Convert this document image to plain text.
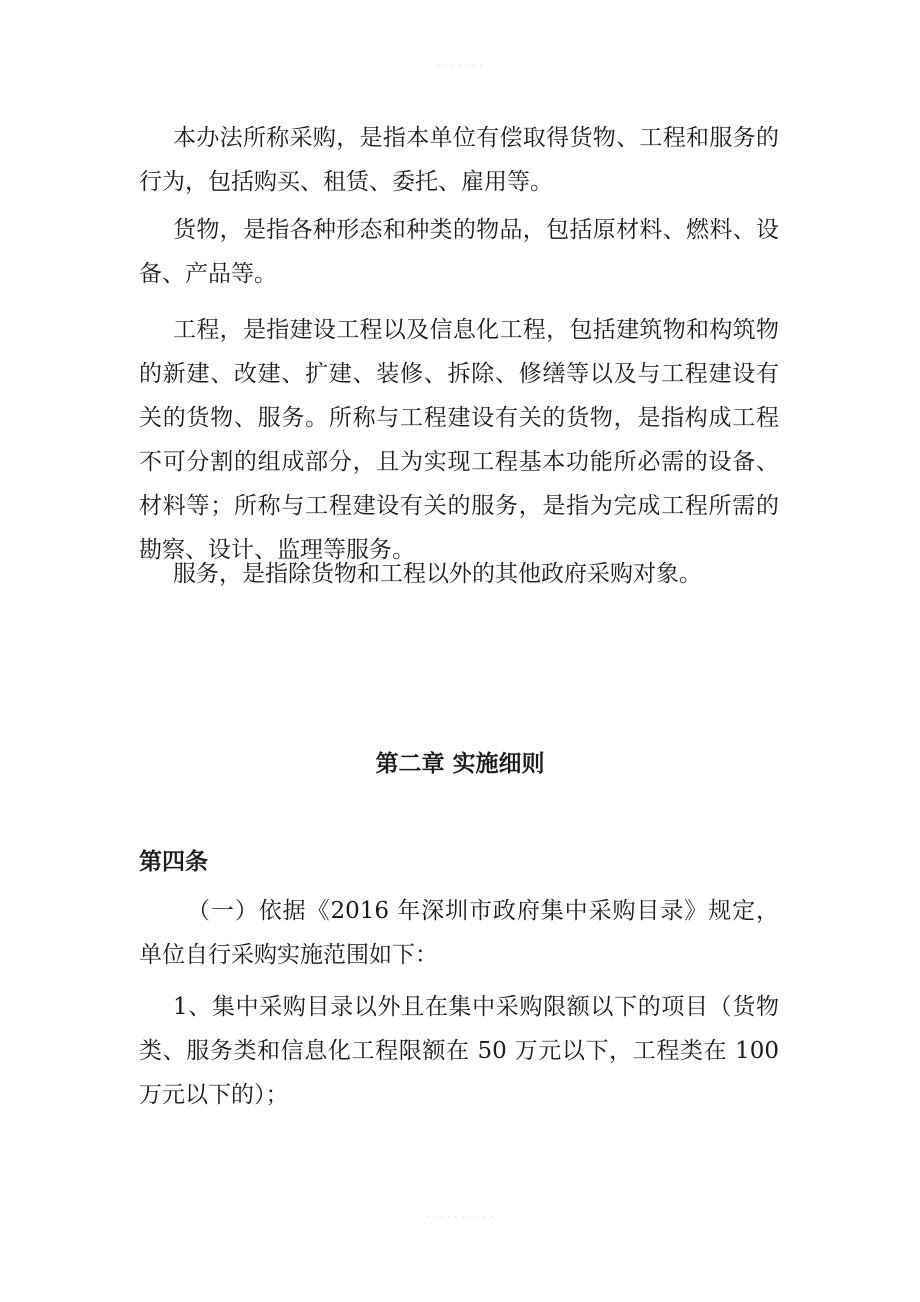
· · · · · · ·

本办法所称采购，是指本单位有偿取得货物、工程和服务的行为，包括购买、租赁、委托、雇用等。

货物，是指各种形态和种类的物品，包括原材料、燃料、设备、产品等。

工程，是指建设工程以及信息化工程，包括建筑物和构筑物的新建、改建、扩建、装修、拆除、修缮等以及与工程建设有关的货物、服务。所称与工程建设有关的货物，是指构成工程不可分割的组成部分，且为实现工程基本功能所必需的设备、材料等；所称与工程建设有关的服务，是指为完成工程所需的勘察、设计、监理等服务。

服务，是指除货物和工程以外的其他政府采购对象。

第二章 实施细则
第四条

（一）依据《2016 年深圳市政府集中采购目录》规定，单位自行采购实施范围如下：

1、集中采购目录以外且在集中采购限额以下的项目（货物类、服务类和信息化工程限额在 50 万元以下，工程类在 100 万元以下的）；

· · · · · · · · · ·
